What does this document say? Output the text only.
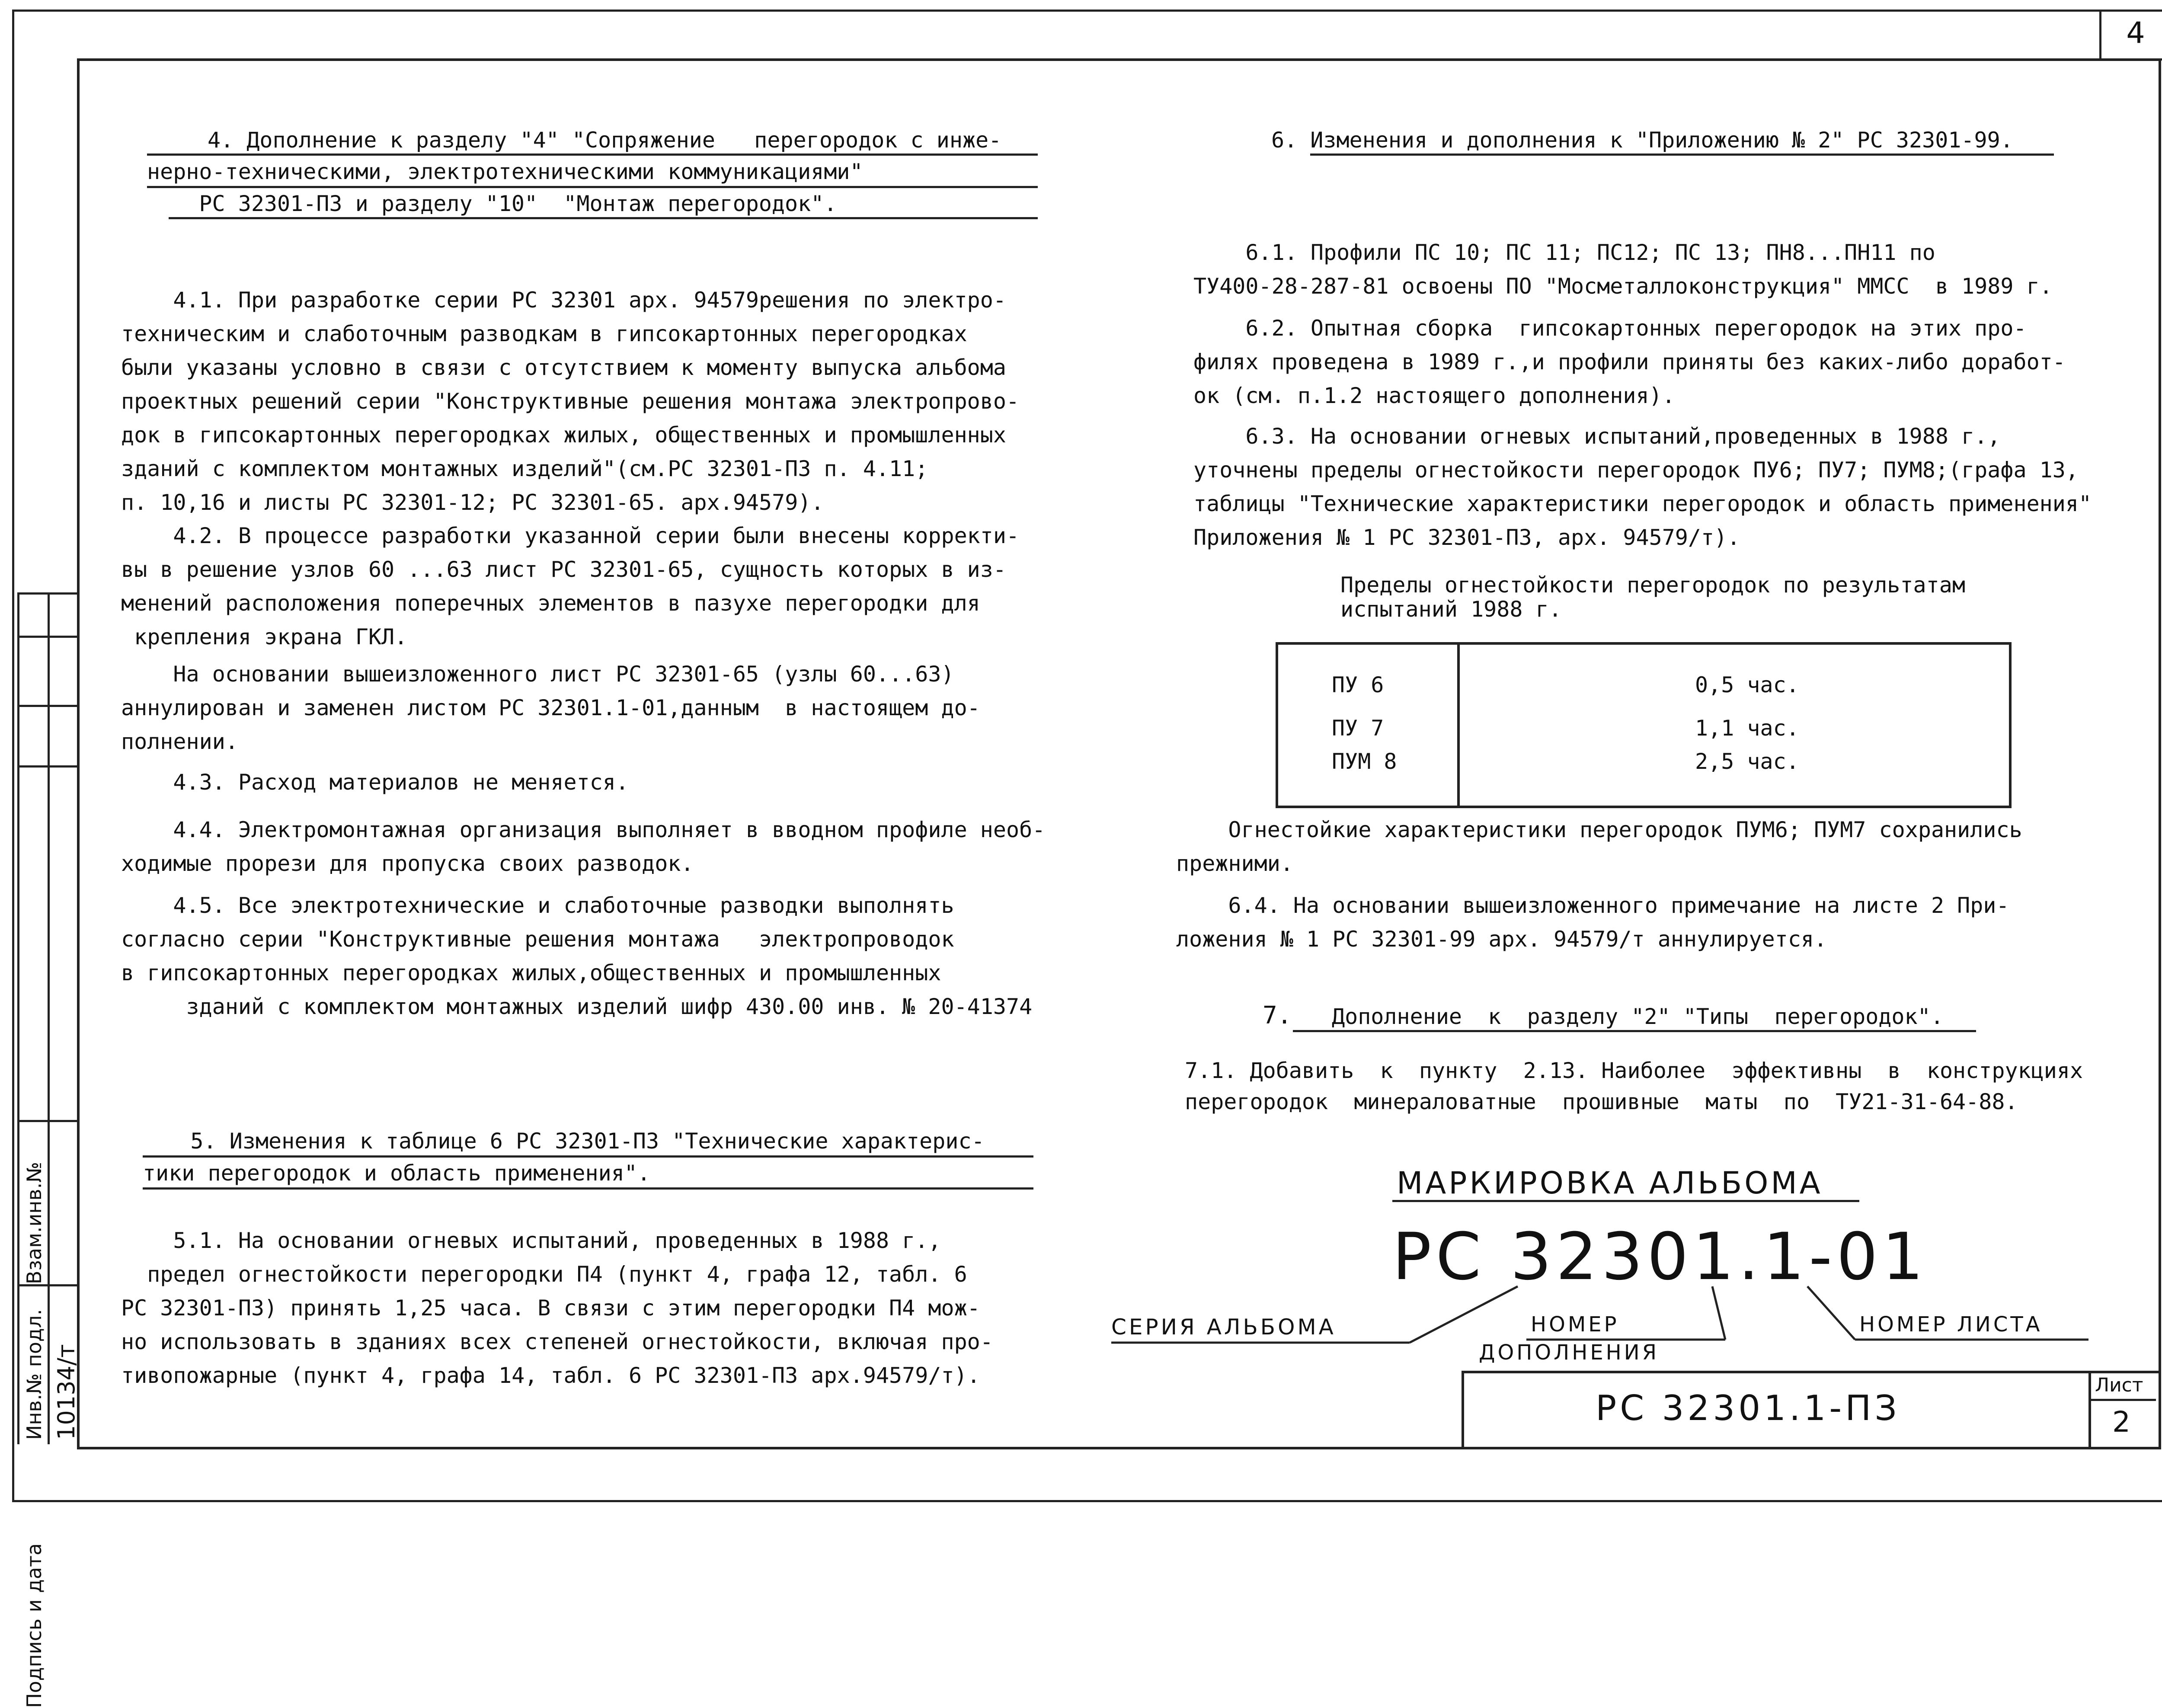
4
Взам.инв.№
Инв.№ подл.
Подпись и дата
10134/т
4. Дополнение к разделу "4" "Сопряжение   перегородок с инже-
нерно-техническими, электротехническими коммуникациями"
РС 32301-ПЗ и разделу "10"  "Монтаж перегородок".
4.1. При разработке серии РС 32301 арх. 94579решения по электро-
техническим и слаботочным разводкам в гипсокартонных перегородках
были указаны условно в связи с отсутствием к моменту выпуска альбома
проектных решений серии "Конструктивные решения монтажа электропрово-
док в гипсокартонных перегородках жилых, общественных и промышленных
зданий с комплектом монтажных изделий"(см.РС 32301-ПЗ п. 4.11;
п. 10,16 и листы РС 32301-12; РС 32301-65. арх.94579).
4.2. В процессе разработки указанной серии были внесены корректи-
вы в решение узлов 60 ...63 лист РС 32301-65, сущность которых в из-
менений расположения поперечных элементов в пазухе перегородки для
крепления экрана ГКЛ.
На основании вышеизложенного лист РС 32301-65 (узлы 60...63)
аннулирован и заменен листом РС 32301.1-01,данным  в настоящем до-
полнении.
4.3. Расход материалов не меняется.
4.4. Электромонтажная организация выполняет в вводном профиле необ-
ходимые прорези для пропуска своих разводок.
4.5. Все электротехнические и слаботочные разводки выполнять
согласно серии "Конструктивные решения монтажа   электропроводок
в гипсокартонных перегородках жилых,общественных и промышленных
зданий с комплектом монтажных изделий шифр 430.00 инв. № 20-41374
5. Изменения к таблице 6 РС 32301-ПЗ "Технические характерис-
тики перегородок и область применения".
5.1. На основании огневых испытаний, проведенных в 1988 г.,
предел огнестойкости перегородки П4 (пункт 4, графа 12, табл. 6
РС 32301-ПЗ) принять 1,25 часа. В связи с этим перегородки П4 мож-
но использовать в зданиях всех степеней огнестойкости, включая про-
тивопожарные (пункт 4, графа 14, табл. 6 РС 32301-ПЗ арх.94579/т).
6. Изменения и дополнения к "Приложению № 2" РС 32301-99.
6.1. Профили ПС 10; ПС 11; ПС12; ПС 13; ПН8...ПН11 по
ТУ400-28-287-81 освоены ПО "Мосметаллоконструкция" ММСС  в 1989 г.
6.2. Опытная сборка  гипсокартонных перегородок на этих про-
филях проведена в 1989 г.,и профили приняты без каких-либо доработ-
ок (см. п.1.2 настоящего дополнения).
6.3. На основании огневых испытаний,проведенных в 1988 г.,
уточнены пределы огнестойкости перегородок ПУ6; ПУ7; ПУМ8;(графа 13,
таблицы "Технические характеристики перегородок и область применения"
Приложения № 1 РС 32301-ПЗ, арх. 94579/т).
Пределы огнестойкости перегородок по результатам
испытаний 1988 г.
ПУ 6	0,5 час.
ПУ 7	1,1 час.
ПУМ 8	2,5 час.
Огнестойкие характеристики перегородок ПУМ6; ПУМ7 сохранились
прежними.
6.4. На основании вышеизложенного примечание на листе 2 При-
ложения № 1 РС 32301-99 арх. 94579/т аннулируется.
7. Дополнение  к  разделу "2" "Типы  перегородок".
7.1. Добавить  к  пункту  2.13. Наиболее  эффективны  в  конструкциях
перегородок  минераловатные  прошивные  маты  по  ТУ21-31-64-88.
МАРКИРОВКА АЛЬБОМА
РС 32301.1-01
СЕРИЯ АЛЬБОМА	НОМЕР
ДОПОЛНЕНИЯ
НОМЕР ЛИСТА
РС 32301.1-ПЗ
Лист
2
